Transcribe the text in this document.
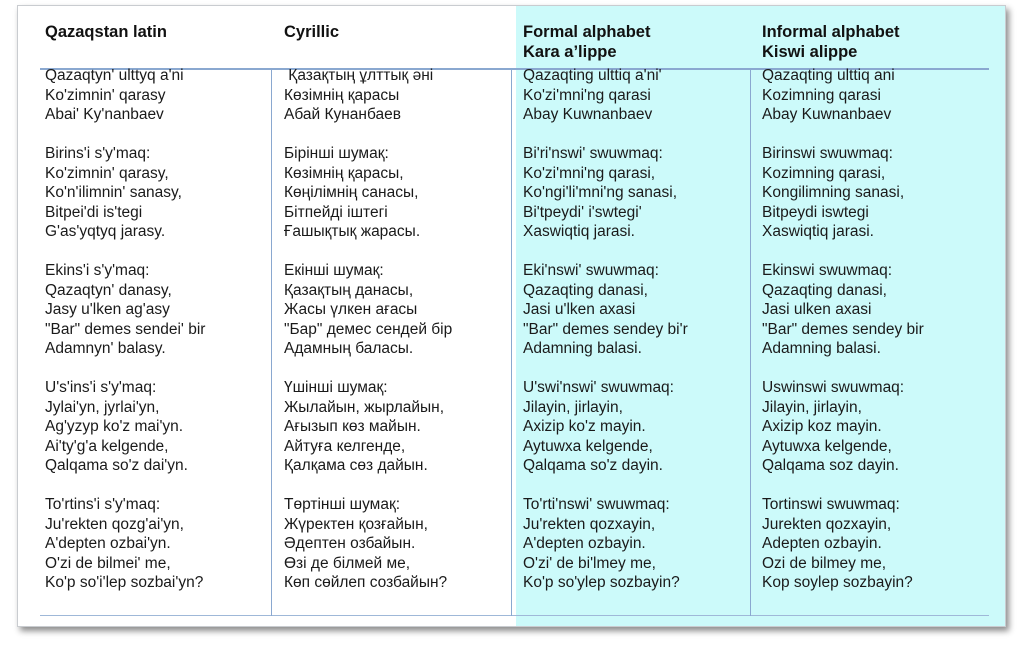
Qazaqstan latin
Qazaqtyn' ulttyq a'ni
Ko'zimnin' qarasy
Abai' Ky'nanbaev
Birins'i s'y'maq:
Ko'zimnin' qarasy,
Ko'n'ilimnin' sanasy,
Bitpei'di is'tegi
G'as'yqtyq jarasy.
Ekins'i s'y'maq:
Qazaqtyn' danasy,
Jasy u'lken ag'asy
"Bar" demes sendei' bir
Adamnyn' balasy.
U's'ins'i s'y'maq:
Jylai'yn, jyrlai'yn,
Ag'yzyp ko'z mai'yn.
Ai'ty'g'a kelgende,
Qalqama so'z dai'yn.
To'rtins'i s'y'maq:
Ju'rekten qozg'ai'yn,
A'depten ozbai'yn.
O'zi de bilmei' me,
Ko'p so'i'lep sozbai'yn?
Cyrillic
Қазақтың ұлттық әні
Көзімнің қарасы
Абай Кунанбаев
Бірінші шумақ:
Көзімнің қарасы,
Көңілімнің санасы,
Бітпейді іштегі
Ғашықтық жарасы.
Екінші шумақ:
Қазақтың данасы,
Жасы үлкен ағасы
"Бар" демес сендей бір
Адамның баласы.
Үшінші шумақ:
Жылайын, жырлайын,
Ағызып көз майын.
Айтуға келгенде,
Қалқама сөз дайын.
Төртінші шумақ:
Жүректен қозғайын,
Әдептен озбайын.
Өзі де білмей ме,
Көп сөйлеп созбайын?
Formal alphabet
Kara a’lippe
Qazaqting ulttiq a'ni'
Ko'zi'mni'ng qarasi
Abay Kuwnanbaev
Bi'ri'nswi' swuwmaq:
Ko'zi'mni'ng qarasi,
Ko'ngi'li'mni'ng sanasi,
Bi'tpeydi' i'swtegi'
Xaswiqtiq jarasi.
Eki'nswi' swuwmaq:
Qazaqting danasi,
Jasi u'lken axasi
"Bar" demes sendey bi'r
Adamning balasi.
U'swi'nswi' swuwmaq:
Jilayin, jirlayin,
Axizip ko'z mayin.
Aytuwxa kelgende,
Qalqama so'z dayin.
To'rti'nswi' swuwmaq:
Ju'rekten qozxayin,
A'depten ozbayin.
O'zi' de bi'lmey me,
Ko'p so'ylep sozbayin?
Informal alphabet
Kiswi alippe
Qazaqting ulttiq ani
Kozimning qarasi
Abay Kuwnanbaev
Birinswi swuwmaq:
Kozimning qarasi,
Kongilimning sanasi,
Bitpeydi iswtegi
Xaswiqtiq jarasi.
Ekinswi swuwmaq:
Qazaqting danasi,
Jasi ulken axasi
"Bar" demes sendey bir
Adamning balasi.
Uswinswi swuwmaq:
Jilayin, jirlayin,
Axizip koz mayin.
Aytuwxa kelgende,
Qalqama soz dayin.
Tortinswi swuwmaq:
Jurekten qozxayin,
Adepten ozbayin.
Ozi de bilmey me,
Kop soylep sozbayin?
